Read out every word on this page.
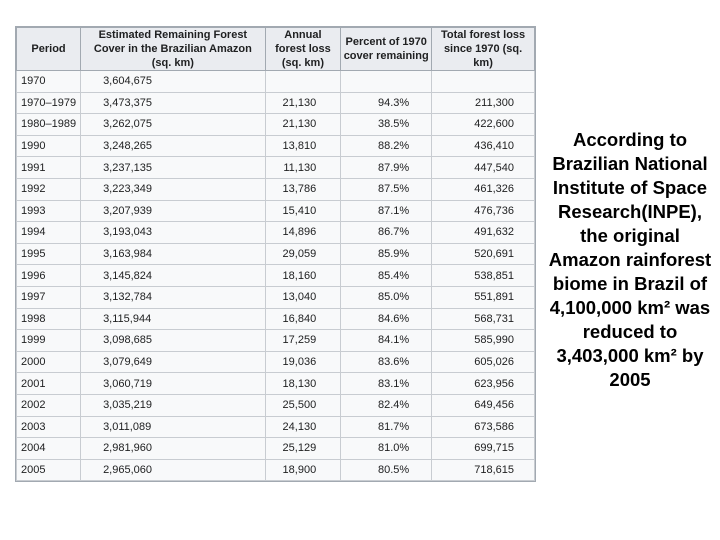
Period	Estimated Remaining Forest Cover in the Brazilian Amazon (sq. km)	Annual forest loss (sq. km)	Percent of 1970 cover remaining	Total forest loss since 1970 (sq. km)
1970	3,604,675			
1970–1979	3,473,375	21,130	94.3%	211,300
1980–1989	3,262,075	21,130	38.5%	422,600
1990	3,248,265	13,810	88.2%	436,410
1991	3,237,135	11,130	87.9%	447,540
1992	3,223,349	13,786	87.5%	461,326
1993	3,207,939	15,410	87.1%	476,736
1994	3,193,043	14,896	86.7%	491,632
1995	3,163,984	29,059	85.9%	520,691
1996	3,145,824	18,160	85.4%	538,851
1997	3,132,784	13,040	85.0%	551,891
1998	3,115,944	16,840	84.6%	568,731
1999	3,098,685	17,259	84.1%	585,990
2000	3,079,649	19,036	83.6%	605,026
2001	3,060,719	18,130	83.1%	623,956
2002	3,035,219	25,500	82.4%	649,456
2003	3,011,089	24,130	81.7%	673,586
2004	2,981,960	25,129	81.0%	699,715
2005	2,965,060	18,900	80.5%	718,615
According to Brazilian National Institute of Space Research(INPE), the original Amazon rainforest biome in Brazil of 4,100,000 km² was reduced to 3,403,000 km² by 2005
